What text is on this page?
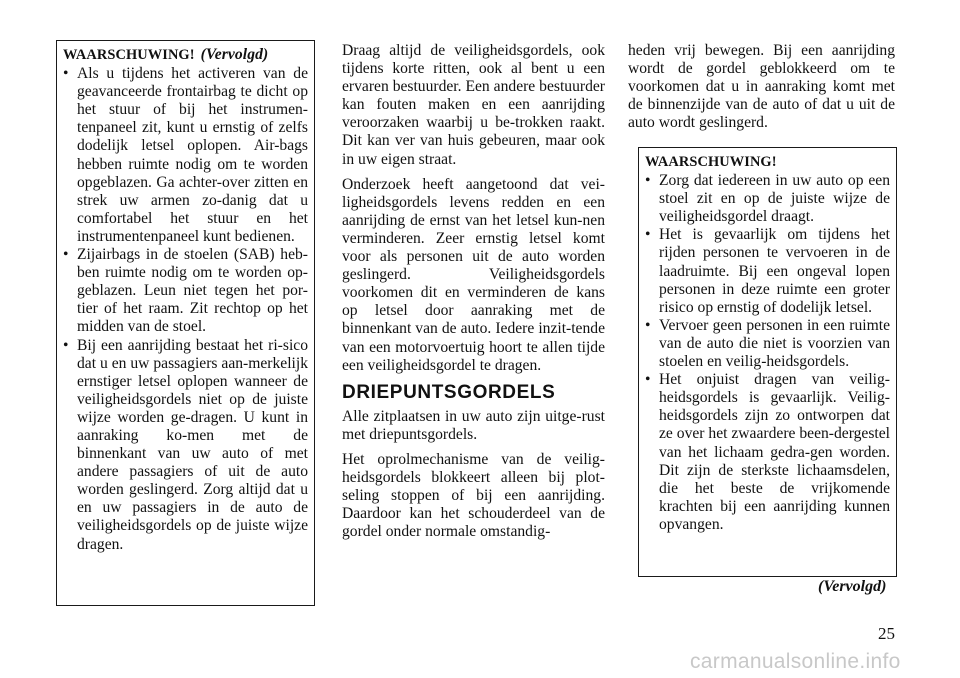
WAARSCHUWING! (Vervolgd)
• Als u tijdens het activeren van de geavanceerde frontairbag te dicht op het stuur of bij het instrumen-tenpaneel zit, kunt u ernstig of zelfs dodelijk letsel oplopen. Air-bags hebben ruimte nodig om te worden opgeblazen. Ga achter-over zitten en strek uw armen zo-danig dat u comfortabel het stuur en het instrumentenpaneel kunt bedienen.
• Zijairbags in de stoelen (SAB) heb-ben ruimte nodig om te worden op-geblazen. Leun niet tegen het por-tier of het raam. Zit rechtop op het midden van de stoel.
• Bij een aanrijding bestaat het ri-sico dat u en uw passagiers aan-merkelijk ernstiger letsel oplopen wanneer de veiligheidsgordels niet op de juiste wijze worden ge-dragen. U kunt in aanraking ko-men met de binnenkant van uw auto of met andere passagiers of uit de auto worden geslingerd. Zorg altijd dat u en uw passagiers in de auto de veiligheidsgordels op de juiste wijze dragen.

Draag altijd de veiligheidsgordels, ook tijdens korte ritten, ook al bent u een ervaren bestuurder. Een andere bestuurder kan fouten maken en een aanrijding veroorzaken waarbij u be-trokken raakt. Dit kan ver van huis gebeuren, maar ook in uw eigen straat.

Onderzoek heeft aangetoond dat vei-ligheidsgordels levens redden en een aanrijding de ernst van het letsel kun-nen verminderen. Zeer ernstig letsel komt voor als personen uit de auto worden geslingerd. Veiligheidsgordels voorkomen dit en verminderen de kans op letsel door aanraking met de binnenkant van de auto. Iedere inzit-tende van een motorvoertuig hoort te allen tijde een veiligheidsgordel te dragen.

DRIEPUNTSGORDELS

Alle zitplaatsen in uw auto zijn uitge-rust met driepuntsgordels.

Het oprolmechanisme van de veilig-heidsgordels blokkeert alleen bij plot-seling stoppen of bij een aanrijding. Daardoor kan het schouderdeel van de gordel onder normale omstandig-

heden vrij bewegen. Bij een aanrijding wordt de gordel geblokkeerd om te voorkomen dat u in aanraking komt met de binnenzijde van de auto of dat u uit de auto wordt geslingerd.

WAARSCHUWING!
• Zorg dat iedereen in uw auto op een stoel zit en op de juiste wijze de veiligheidsgordel draagt.
• Het is gevaarlijk om tijdens het rijden personen te vervoeren in de laadruimte. Bij een ongeval lopen personen in deze ruimte een groter risico op ernstig of dodelijk letsel.
• Vervoer geen personen in een ruimte van de auto die niet is voorzien van stoelen en veilig-heidsgordels.
• Het onjuist dragen van veilig-heidsgordels is gevaarlijk. Veilig-heidsgordels zijn zo ontworpen dat ze over het zwaardere been-dergestel van het lichaam gedra-gen worden. Dit zijn de sterkste lichaamsdelen, die het beste de vrijkomende krachten bij een aanrijding kunnen opvangen.
(Vervolgd)
25
carmanualsonline.info
